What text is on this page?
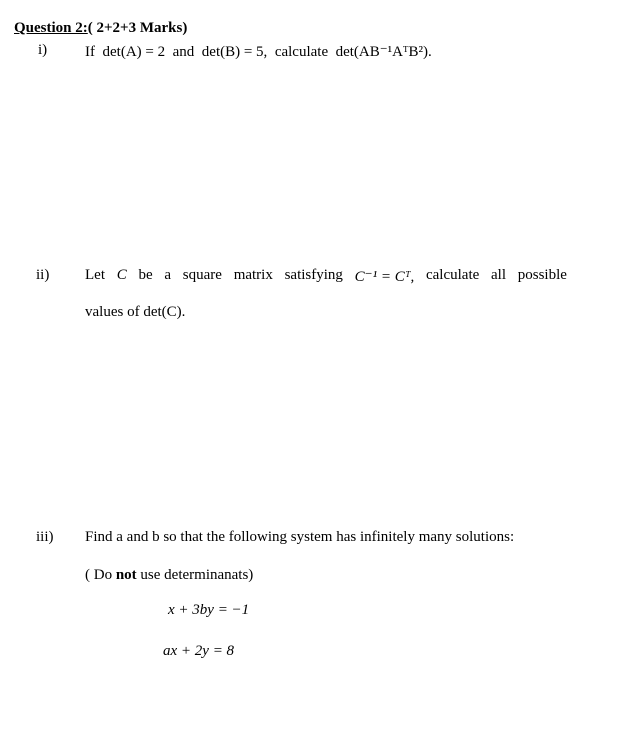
Question 2:( 2+2+3 Marks)
i)	If det(A) = 2 and det(B) = 5, calculate det(AB⁻¹AᵀB²).
ii) Let C be a square matrix satisfying C⁻¹ = Cᵀ, calculate all possible
values of det(C).
iii) Find a and b so that the following system has infinitely many solutions:
( Do not use determinanats)
x + 3by = −1
ax + 2y = 8
